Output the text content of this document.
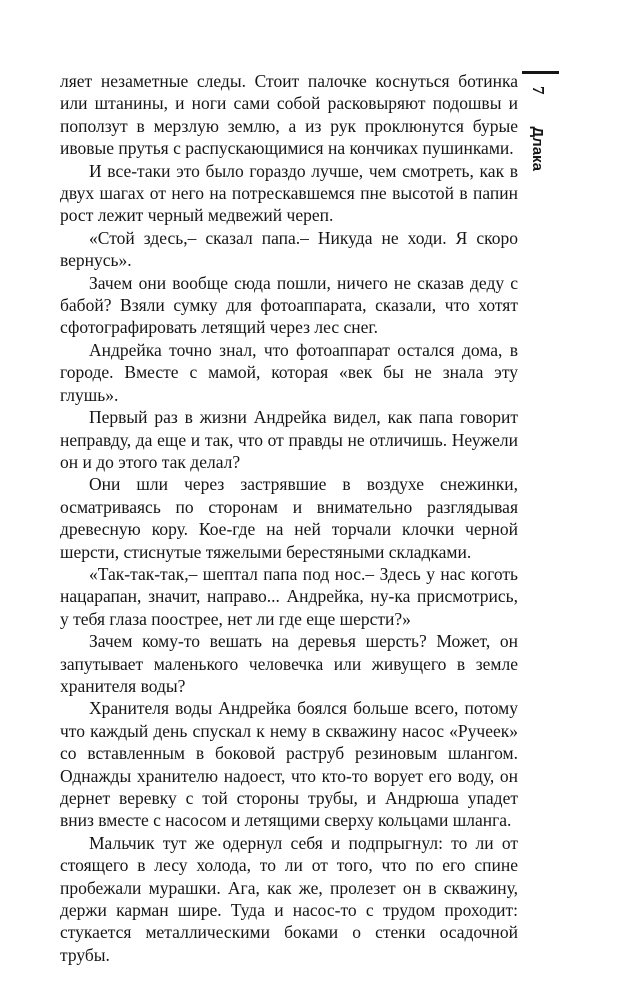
7Длака

ляет незаметные следы. Стоит палочке коснуться ботинка или штанины, и ноги сами собой расковыряют подошвы и поползут в мерзлую землю, а из рук проклюнутся бурые ивовые прутья с распускающимися на кончиках пушинками.

И все-таки это было гораздо лучше, чем смотреть, как в двух шагах от него на потрескавшемся пне высотой в папин рост лежит черный медвежий череп.

«Стой здесь,– сказал папа.– Никуда не ходи. Я скоро вернусь».

Зачем они вообще сюда пошли, ничего не сказав деду с бабой? Взяли сумку для фотоаппарата, сказали, что хотят сфотографировать летящий через лес снег.

Андрейка точно знал, что фотоаппарат остался дома, в городе. Вместе с мамой, которая «век бы не знала эту глушь».

Первый раз в жизни Андрейка видел, как папа говорит неправду, да еще и так, что от правды не отличишь. Неужели он и до этого так делал?

Они шли через застрявшие в воздухе снежинки, осматриваясь по сторонам и внимательно разглядывая древесную кору. Кое-где на ней торчали клочки черной шерсти, стиснутые тяжелыми берестяными складками.

«Так-так-так,– шептал папа под нос.– Здесь у нас коготь нацарапан, значит, направо... Андрейка, ну-ка присмотрись, у тебя глаза поострее, нет ли где еще шерсти?»

Зачем кому-то вешать на деревья шерсть? Может, он запутывает маленького человечка или живущего в земле хранителя воды?

Хранителя воды Андрейка боялся больше всего, потому что каждый день спускал к нему в скважину насос «Ручеек» со вставленным в боковой раструб резиновым шлангом. Однажды хранителю надоест, что кто-то ворует его воду, он дернет веревку с той стороны трубы, и Андрюша упадет вниз вместе с насосом и летящими сверху кольцами шланга.

Мальчик тут же одернул себя и подпрыгнул: то ли от стоящего в лесу холода, то ли от того, что по его спине пробежали мурашки. Ага, как же, пролезет он в скважину, держи карман шире. Туда и насос-то с трудом проходит: стукается металлическими боками о стенки осадочной трубы.
